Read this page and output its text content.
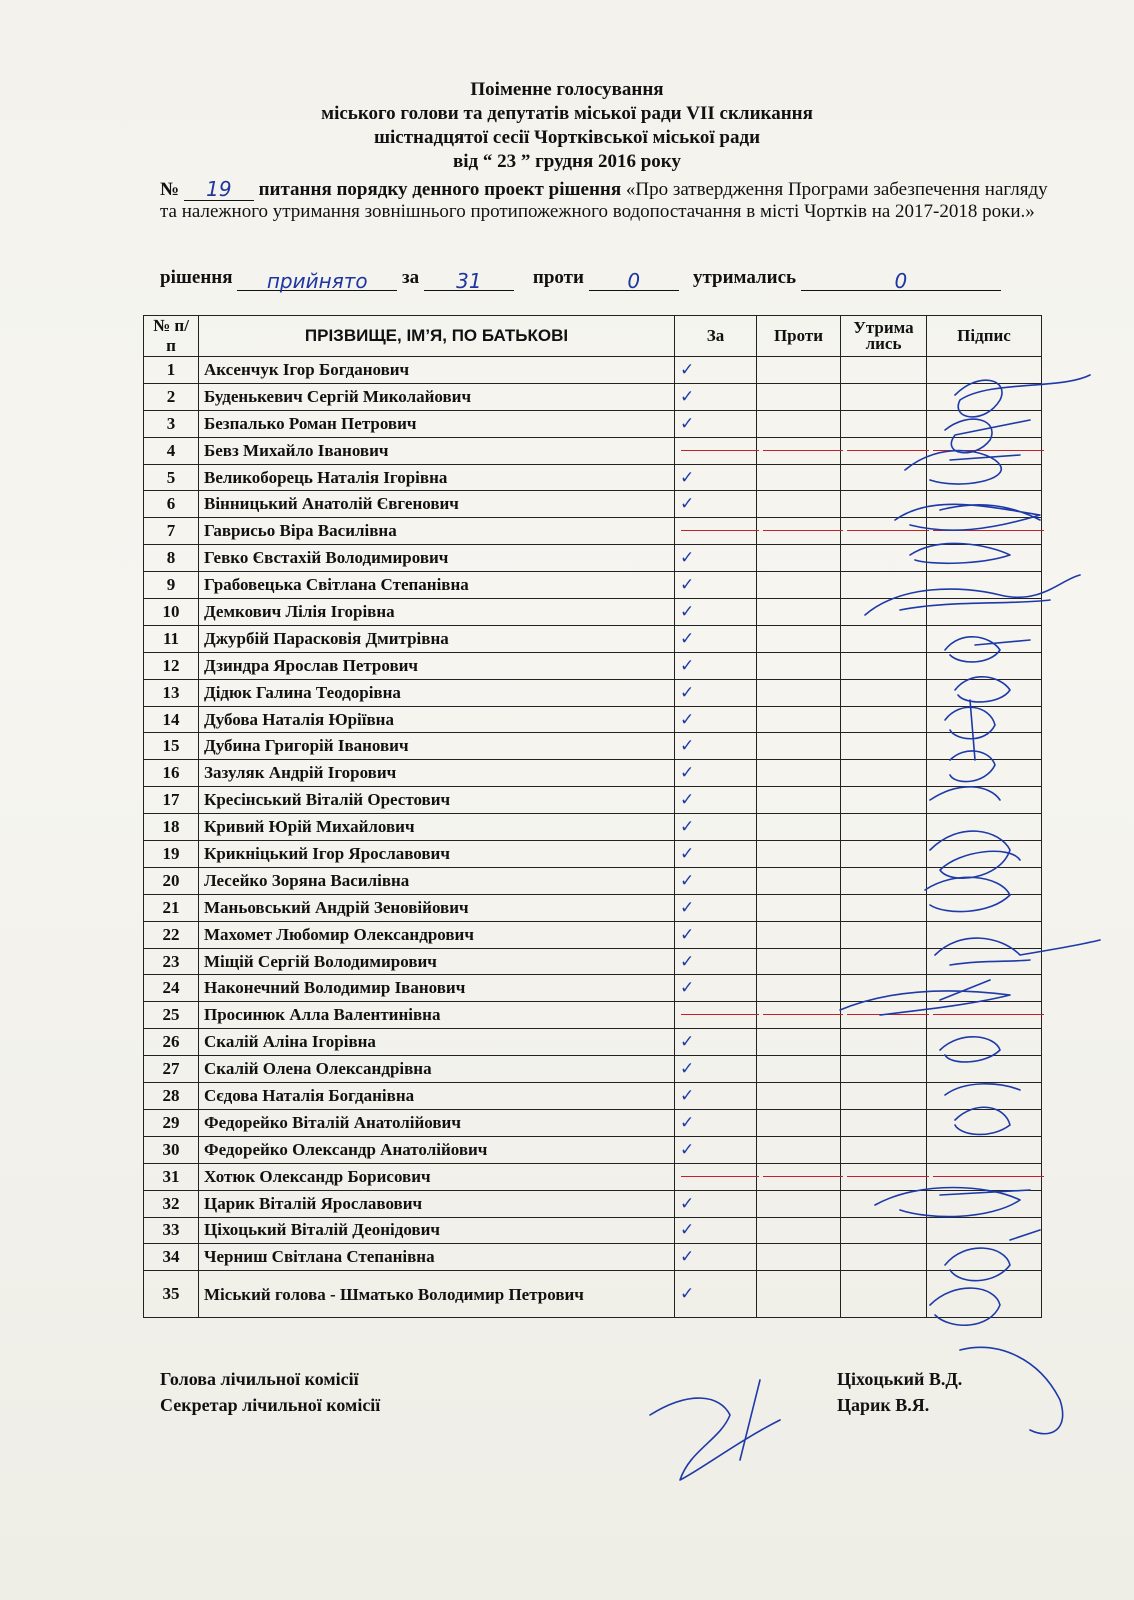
Поіменне голосування
міського голови та депутатів міської ради VII скликання
шістнадцятої сесії Чортківської міської ради
від “ 23 ” грудня 2016 року
№ 19 питання порядку денного проект рішення «Про затвердження Програми забезпечення нагляду та належного утримання зовнішнього протипожежного водопостачання в місті Чортків на 2017-2018 роки.»
рішення прийнято за 31	проти 0	утримались	0
№ п/п	ПРІЗВИЩЕ, ІМ’Я, ПО БАТЬКОВІ	За	Проти	Утрима лись	Підпис
1	Аксенчук Ігор Богданович	✓			
2	Буденькевич Сергій Миколайович	✓			
3	Безпалько Роман Петрович	✓			
4	Бевз Михайло Іванович				
5	Великоборець Наталія Ігорівна	✓			
6	Вінницький Анатолій Євгенович	✓			
7	Гаврисьо Віра Василівна				
8	Гевко Євстахій Володимирович	✓			
9	Грабовецька Світлана Степанівна	✓			
10	Демкович Лілія Ігорівна	✓			
11	Джурбій Парасковія Дмитрівна	✓			
12	Дзиндра Ярослав Петрович	✓			
13	Дідюк Галина Теодорівна	✓			
14	Дубова Наталія Юріївна	✓			
15	Дубина Григорій Іванович	✓			
16	Зазуляк Андрій Ігорович	✓			
17	Кресінський Віталій Орестович	✓			
18	Кривий Юрій Михайлович	✓			
19	Крикніцький Ігор Ярославович	✓			
20	Лесейко Зоряна Василівна	✓			
21	Маньовський Андрій Зеновійович	✓			
22	Махомет Любомир Олександрович	✓			
23	Міщій Сергій Володимирович	✓			
24	Наконечний Володимир Іванович	✓			
25	Просинюк Алла Валентинівна				
26	Скалій Аліна Ігорівна	✓			
27	Скалій Олена Олександрівна	✓			
28	Сєдова Наталія Богданівна	✓			
29	Федорейко Віталій Анатолійович	✓			
30	Федорейко Олександр Анатолійович	✓			
31	Хотюк Олександр Борисович				
32	Царик Віталій Ярославович	✓			
33	Ціхоцький Віталій Деонідович	✓			
34	Черниш Світлана Степанівна	✓			
35	Міський голова - Шматько Володимир Петрович	✓			
Голова лічильної комісії	Ціхоцький В.Д.
Секретар лічильної комісії	Царик В.Я.
